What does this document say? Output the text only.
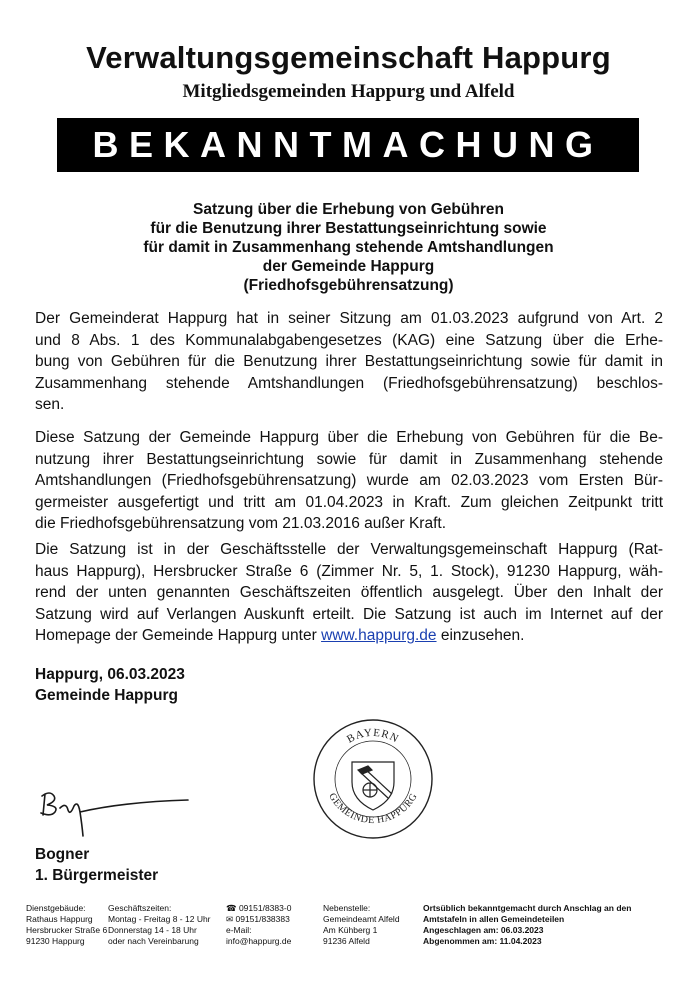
Verwaltungsgemeinschaft Happurg
Mitgliedsgemeinden Happurg und Alfeld
BEKANNTMACHUNG
Satzung über die Erhebung von Gebühren
für die Benutzung ihrer Bestattungseinrichtung sowie
für damit in Zusammenhang stehende Amtshandlungen
der Gemeinde Happurg
(Friedhofsgebührensatzung)
Der Gemeinderat Happurg hat in seiner Sitzung am 01.03.2023 aufgrund von Art. 2
und 8 Abs. 1 des Kommunalabgabengesetzes (KAG) eine Satzung über die Erhe-
bung von Gebühren für die Benutzung ihrer Bestattungseinrichtung sowie für damit in
Zusammenhang stehende Amtshandlungen (Friedhofsgebührensatzung) beschlos-
sen.
Diese Satzung der Gemeinde Happurg über die Erhebung von Gebühren für die Be-
nutzung ihrer Bestattungseinrichtung sowie für damit in Zusammenhang stehende
Amtshandlungen (Friedhofsgebührensatzung) wurde am 02.03.2023 vom Ersten Bür-
germeister ausgefertigt und tritt am 01.04.2023 in Kraft. Zum gleichen Zeitpunkt tritt
die Friedhofsgebührensatzung vom 21.03.2016 außer Kraft.
Die Satzung ist in der Geschäftsstelle der Verwaltungsgemeinschaft Happurg (Rat-
haus Happurg), Hersbrucker Straße 6 (Zimmer Nr. 5, 1. Stock), 91230 Happurg, wäh-
rend der unten genannten Geschäftszeiten öffentlich ausgelegt. Über den Inhalt der
Satzung wird auf Verlangen Auskunft erteilt. Die Satzung ist auch im Internet auf der
Homepage der Gemeinde Happurg unter www.happurg.de einzusehen.
Happurg, 06.03.2023
Gemeinde Happurg
BAYERN
GEMEINDE HAPPURG
Bogner
1. Bürgermeister
Dienstgebäude:
Rathaus Happurg
Hersbrucker Straße 6
91230 Happurg
Geschäftszeiten:
Montag - Freitag 8 - 12 Uhr
Donnerstag 14 - 18 Uhr
oder nach Vereinbarung
☎ 09151/8383-0
✉ 09151/838383
e-Mail:
info@happurg.de
Nebenstelle:
Gemeindeamt Alfeld
Am Kühberg 1
91236 Alfeld
Ortsüblich bekanntgemacht durch Anschlag an den
Amtstafeln in allen Gemeindeteilen
Angeschlagen am: 06.03.2023
Abgenommen am: 11.04.2023
